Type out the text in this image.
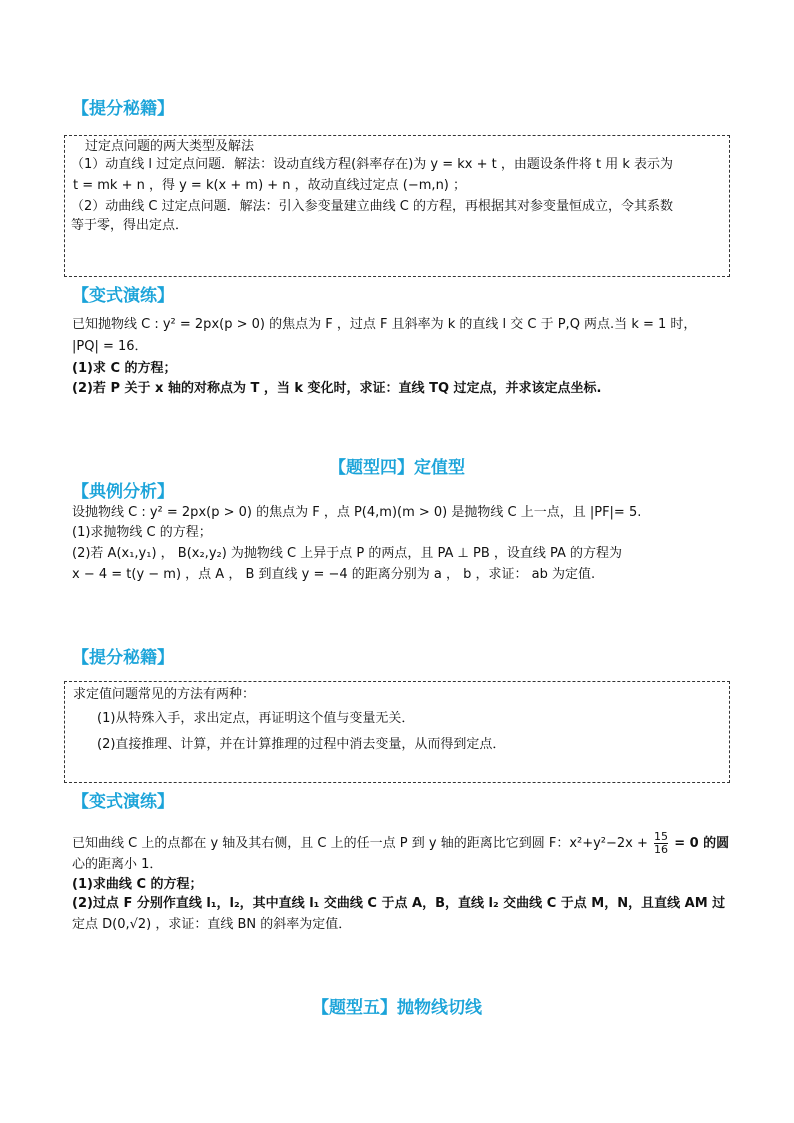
【提分秘籍】
过定点问题的两大类型及解法
（1）动直线 l 过定点问题．解法：设动直线方程(斜率存在)为 y = kx + t ，由题设条件将 t 用 k 表示为
t = mk + n ，得 y = k(x + m) + n ，故动直线过定点 (−m,n) ；
（2）动曲线 C 过定点问题．解法：引入参变量建立曲线 C 的方程，再根据其对参变量恒成立，令其系数
等于零，得出定点．
【变式演练】
已知抛物线 C : y² = 2px(p > 0) 的焦点为 F ，过点 F 且斜率为 k 的直线 l 交 C 于 P,Q 两点.当 k = 1 时，
|PQ| = 16．
(1)求 C 的方程；
(2)若 P 关于 x 轴的对称点为 T ，当 k 变化时，求证：直线 TQ 过定点，并求该定点坐标.
【题型四】定值型
【典例分析】
设抛物线 C : y² = 2px(p > 0) 的焦点为 F ，点 P(4,m)(m > 0) 是抛物线 C 上一点，且 |PF|= 5.
(1)求抛物线 C 的方程；
(2)若 A(x₁,y₁) ， B(x₂,y₂) 为抛物线 C 上异于点 P 的两点，且 PA ⊥ PB ，设直线 PA 的方程为
x − 4 = t(y − m) ，点 A ， B 到直线 y = −4 的距离分别为 a ， b ，求证： ab 为定值.
【提分秘籍】
求定值问题常见的方法有两种：
(1)从特殊入手，求出定点，再证明这个值与变量无关．
(2)直接推理、计算，并在计算推理的过程中消去变量，从而得到定点．
【变式演练】
已知曲线 C 上的点都在 y 轴及其右侧，且 C 上的任一点 P 到 y 轴的距离比它到圆 F：$x^2+y^2-2x + \frac{15}{16} = 0$ 的圆
心的距离小 1．
(1)求曲线 C 的方程；
(2)过点 F 分别作直线 l₁，l₂，其中直线 l₁ 交曲线 C 于点 A，B，直线 l₂ 交曲线 C 于点 M，N，且直线 AM 过
定点 D(0,√2) ，求证：直线 BN 的斜率为定值．
【题型五】抛物线切线
